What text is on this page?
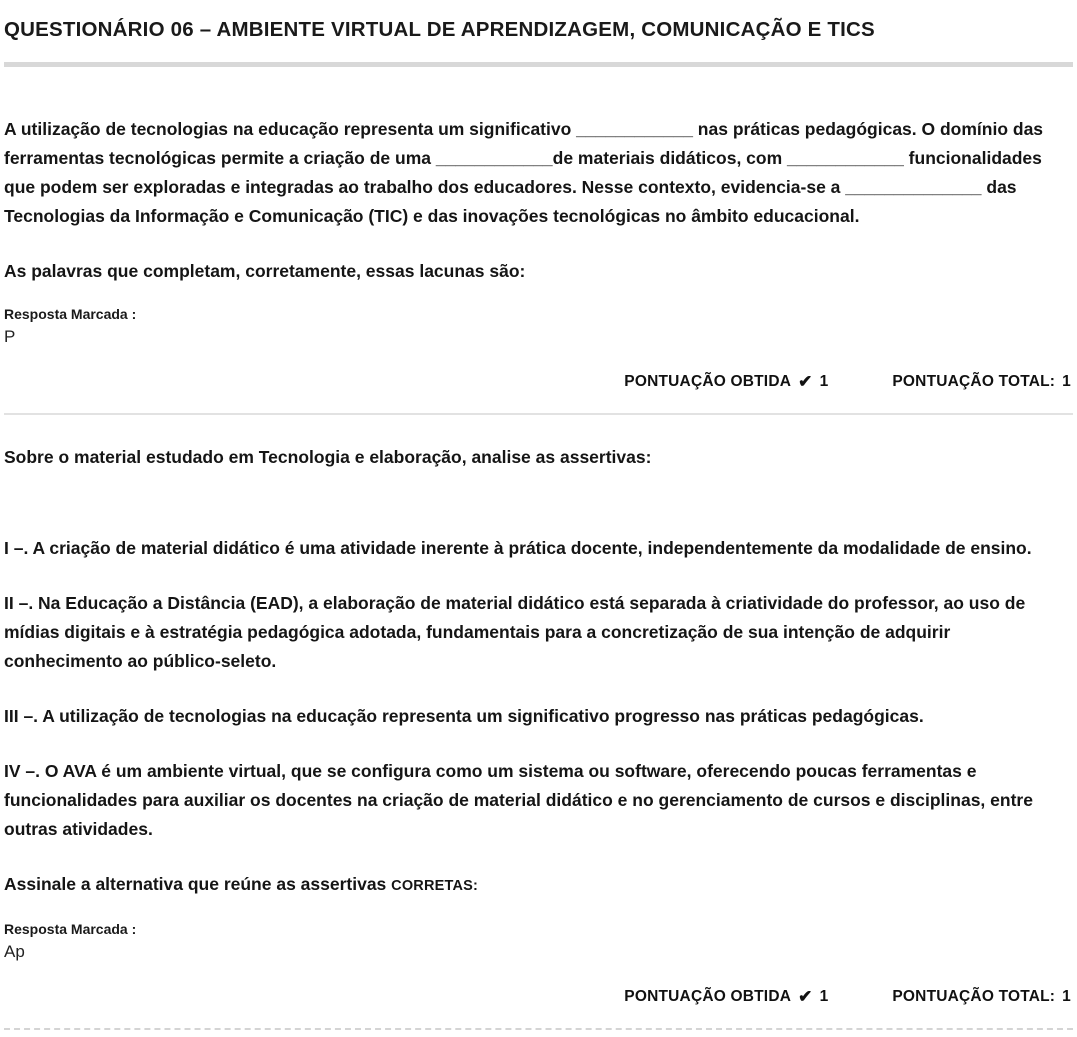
QUESTIONÁRIO 06 – AMBIENTE VIRTUAL DE APRENDIZAGEM, COMUNICAÇÃO E TICS

A utilização de tecnologias na educação representa um significativo ____________ nas práticas pedagógicas. O domínio das ferramentas tecnológicas permite a criação de uma ____________de materiais didáticos, com ____________ funcionalidades que podem ser exploradas e integradas ao trabalho dos educadores. Nesse contexto, evidencia-se a ______________ das Tecnologias da Informação e Comunicação (TIC) e das inovações tecnológicas no âmbito educacional.

As palavras que completam, corretamente, essas lacunas são:

Resposta Marcada :
P
PONTUAÇÃO OBTIDA ✔ 1	PONTUAÇÃO TOTAL: 1

Sobre o material estudado em Tecnologia e elaboração, analise as assertivas:

I –. A criação de material didático é uma atividade inerente à prática docente, independentemente da modalidade de ensino.

II –. Na Educação a Distância (EAD), a elaboração de material didático está separada à criatividade do professor, ao uso de mídias digitais e à estratégia pedagógica adotada, fundamentais para a concretização de sua intenção de adquirir conhecimento ao público-seleto.

III –. A utilização de tecnologias na educação representa um significativo progresso nas práticas pedagógicas.

IV –. O AVA é um ambiente virtual, que se configura como um sistema ou software, oferecendo poucas ferramentas e funcionalidades para auxiliar os docentes na criação de material didático e no gerenciamento de cursos e disciplinas, entre outras atividades.

Assinale a alternativa que reúne as assertivas CORRETAS:

Resposta Marcada :
Ap
PONTUAÇÃO OBTIDA ✔ 1	PONTUAÇÃO TOTAL: 1
